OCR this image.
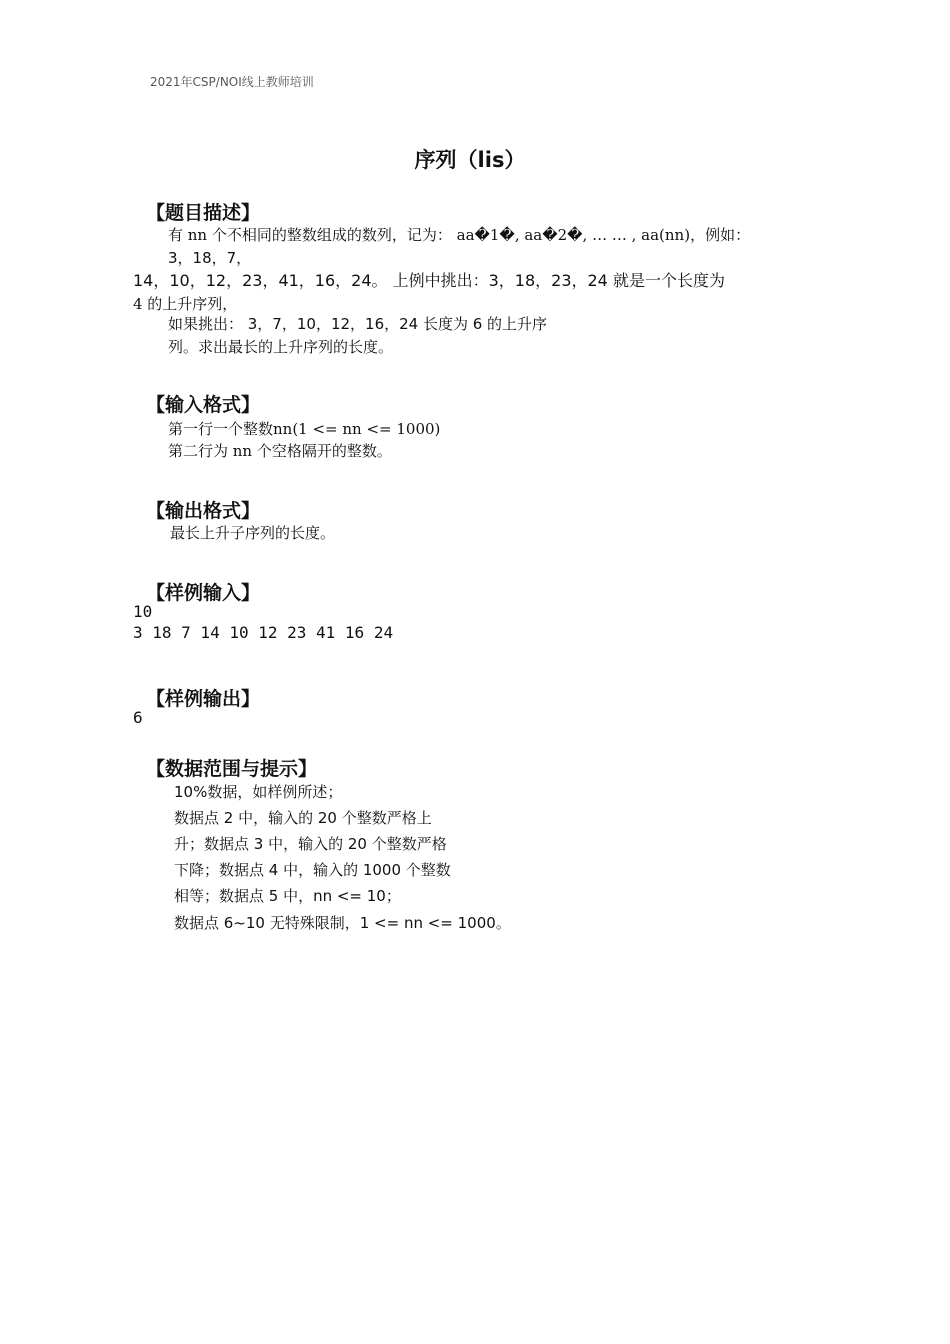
2021年CSP/NOI线上教师培训
序列（lis）
【题目描述】
有 nn 个不相同的整数组成的数列，记为： aa�1�, aa�2�, … … , aa(nn)，例如：
3，18，7，
14，10，12，23，41，16，24。 上例中挑出：3，18，23，24 就是一个长度为
4 的上升序列，
如果挑出： 3，7，10，12，16，24 长度为 6 的上升序
列。求出最长的上升序列的长度。
【输入格式】
第一行一个整数nn(1 <= nn <= 1000)
第二行为 nn 个空格隔开的整数。
【输出格式】
最长上升子序列的长度。
【样例输入】
10
3 18 7 14 10 12 23 41 16 24
【样例输出】
6
【数据范围与提示】
10%数据，如样例所述；
数据点 2 中，输入的 20 个整数严格上
升；数据点 3 中，输入的 20 个整数严格
下降；数据点 4 中，输入的 1000 个整数
相等；数据点 5 中，nn <= 10；
数据点 6~10 无特殊限制，1 <= nn <= 1000。
